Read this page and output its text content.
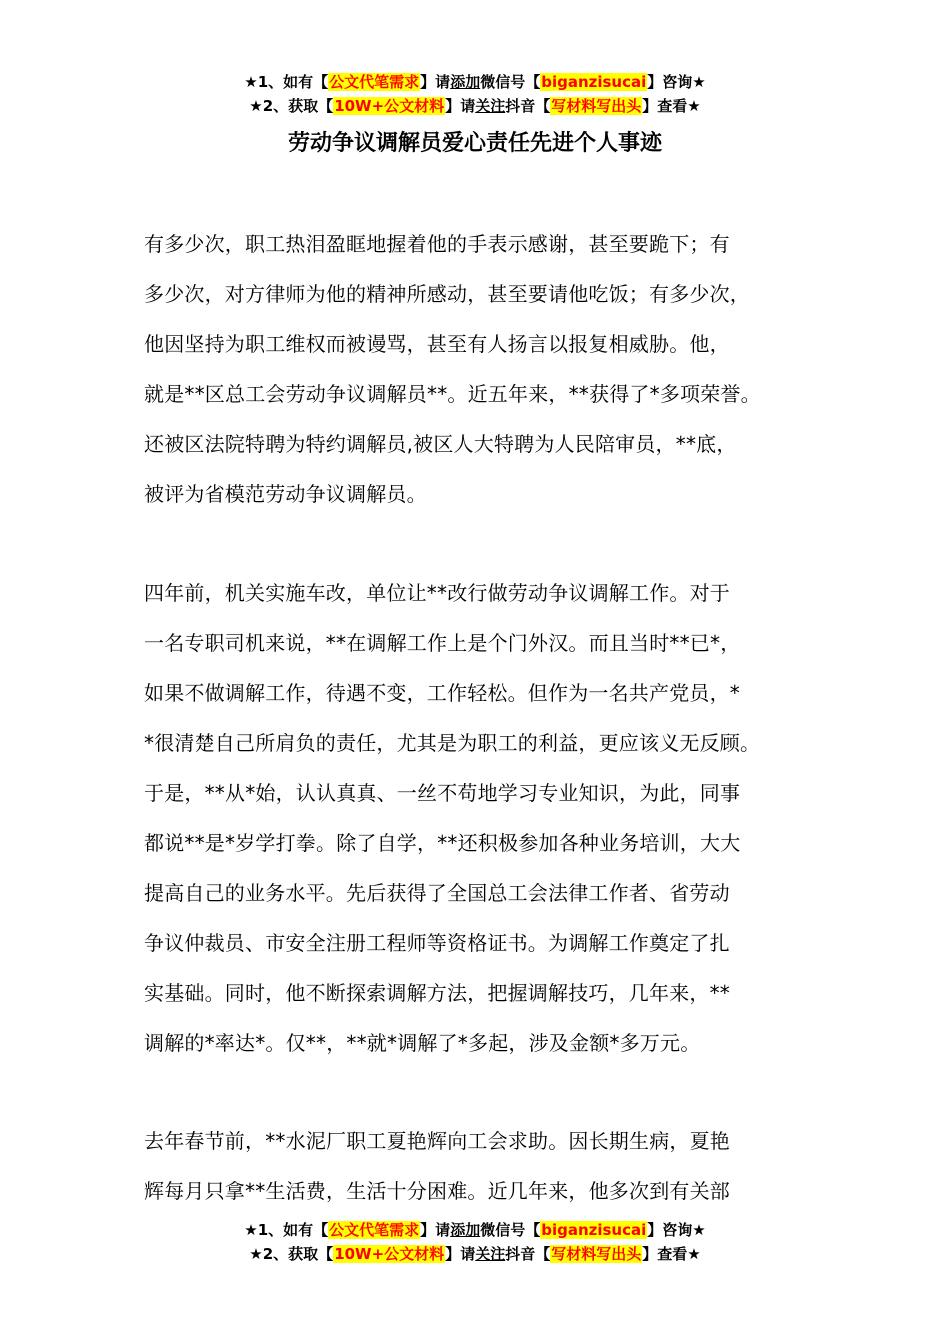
★1、如有【公文代笔需求】请添加微信号【biganzisucai】咨询★
★2、获取【10W+公文材料】请关注抖音【写材料写出头】查看★
劳动争议调解员爱心责任先进个人事迹

有多少次，职工热泪盈眶地握着他的手表示感谢，甚至要跪下；有
多少次，对方律师为他的精神所感动，甚至要请他吃饭；有多少次，
他因坚持为职工维权而被谩骂，甚至有人扬言以报复相威胁。他，
就是**区总工会劳动争议调解员**。近五年来，**获得了*多项荣誉。
还被区法院特聘为特约调解员,被区人大特聘为人民陪审员，**底，
被评为省模范劳动争议调解员。

四年前，机关实施车改，单位让**改行做劳动争议调解工作。对于
一名专职司机来说，**在调解工作上是个门外汉。而且当时**已*，
如果不做调解工作，待遇不变，工作轻松。但作为一名共产党员，*
*很清楚自己所肩负的责任，尤其是为职工的利益，更应该义无反顾。
于是，**从*始，认认真真、一丝不苟地学习专业知识，为此，同事
都说**是*岁学打拳。除了自学，**还积极参加各种业务培训，大大
提高自己的业务水平。先后获得了全国总工会法律工作者、省劳动
争议仲裁员、市安全注册工程师等资格证书。为调解工作奠定了扎
实基础。同时，他不断探索调解方法，把握调解技巧，几年来，**
调解的*率达*。仅**，**就*调解了*多起，涉及金额*多万元。

去年春节前，**水泥厂职工夏艳辉向工会求助。因长期生病，夏艳
辉每月只拿**生活费，生活十分困难。近几年来，他多次到有关部

★1、如有【公文代笔需求】请添加微信号【biganzisucai】咨询★
★2、获取【10W+公文材料】请关注抖音【写材料写出头】查看★
